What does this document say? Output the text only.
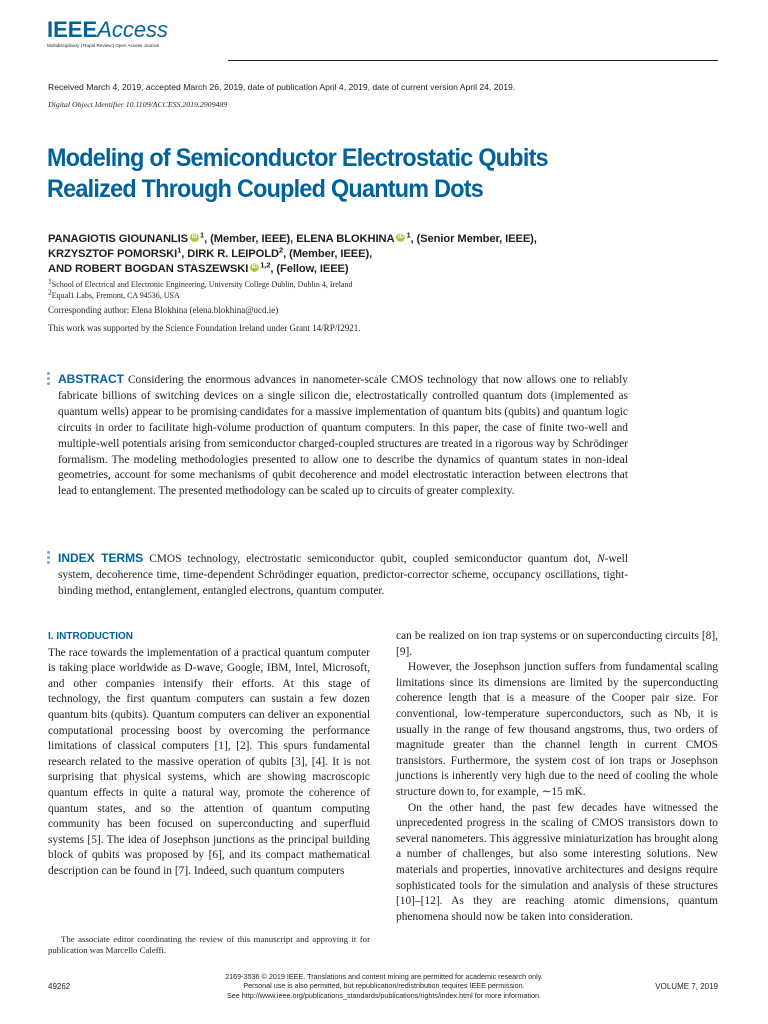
IEEEAccess
Multidisciplinary | Rapid Review | Open Access Journal
Received March 4, 2019, accepted March 26, 2019, date of publication April 4, 2019, date of current version April 24, 2019.
Digital Object Identifier 10.1109/ACCESS.2019.2909489
Modeling of Semiconductor Electrostatic Qubits
Realized Through Coupled Quantum Dots
PANAGIOTIS GIOUNANLIS iD $^1$, (Member, IEEE), ELENA BLOKHINA iD $^1$, (Senior Member, IEEE),
KRZYSZTOF POMORSKI$^1$, DIRK R. LEIPOLD$^2$, (Member, IEEE),
AND ROBERT BOGDAN STASZEWSKI iD $^{1,2}$, (Fellow, IEEE)
$^1$School of Electrical and Electronic Engineering, University College Dublin, Dublin 4, Ireland
$^2$Equal1 Labs, Fremont, CA 94536, USA
Corresponding author: Elena Blokhina (elena.blokhina@ucd.ie)
This work was supported by the Science Foundation Ireland under Grant 14/RP/I2921.
ABSTRACT Considering the enormous advances in nanometer-scale CMOS technology that now allows one to reliably fabricate billions of switching devices on a single silicon die, electrostatically controlled quantum dots (implemented as quantum wells) appear to be promising candidates for a massive implementation of quantum bits (qubits) and quantum logic circuits in order to facilitate high-volume production of quantum computers. In this paper, the case of finite two-well and multiple-well potentials arising from semiconductor charged-coupled structures are treated in a rigorous way by Schrödinger formalism. The modeling methodologies presented to allow one to describe the dynamics of quantum states in non-ideal geometries, account for some mechanisms of qubit decoherence and model electrostatic interaction between electrons that lead to entanglement. The presented methodology can be scaled up to circuits of greater complexity.
INDEX TERMS CMOS technology, electrostatic semiconductor qubit, coupled semiconductor quantum dot, N-well system, decoherence time, time-dependent Schrödinger equation, predictor-corrector scheme, occupancy oscillations, tight-binding method, entanglement, entangled electrons, quantum computer.
I. INTRODUCTION

The race towards the implementation of a practical quantum computer is taking place worldwide as D-wave, Google, IBM, Intel, Microsoft, and other companies intensify their efforts. At this stage of technology, the first quantum computers can sustain a few dozen quantum bits (qubits). Quantum computers can deliver an exponential computational processing boost by overcoming the performance limitations of classical computers [1], [2]. This spurs fundamental research related to the massive operation of qubits [3], [4]. It is not surprising that physical systems, which are showing macroscopic quantum effects in quite a natural way, promote the coherence of quantum states, and so the attention of quantum computing community has been focused on superconducting and superfluid systems [5]. The idea of Josephson junctions as the principal building block of qubits was proposed by [6], and its compact mathematical description can be found in [7]. Indeed, such quantum computers

can be realized on ion trap systems or on superconducting circuits [8], [9].

However, the Josephson junction suffers from fundamental scaling limitations since its dimensions are limited by the superconducting coherence length that is a measure of the Cooper pair size. For conventional, low-temperature superconductors, such as Nb, it is usually in the range of few thousand angstroms, thus, two orders of magnitude greater than the channel length in current CMOS transistors. Furthermore, the system cost of ion traps or Josephson junctions is inherently very high due to the need of cooling the whole structure down to, for example, ∼15 mK.

On the other hand, the past few decades have witnessed the unprecedented progress in the scaling of CMOS transistors down to several nanometers. This aggressive miniaturization has brought along a number of challenges, but also some interesting solutions. New materials and properties, innovative architectures and designs require sophisticated tools for the simulation and analysis of these structures [10]–[12]. As they are reaching atomic dimensions, quantum phenomena should now be taken into consideration.

The associate editor coordinating the review of this manuscript and approving it for publication was Marcello Caleffi.
49262
2169-3536 © 2019 IEEE. Translations and content mining are permitted for academic research only.
Personal use is also permitted, but republication/redistribution requires IEEE permission.
See http://www.ieee.org/publications_standards/publications/rights/index.html for more information.
VOLUME 7, 2019
